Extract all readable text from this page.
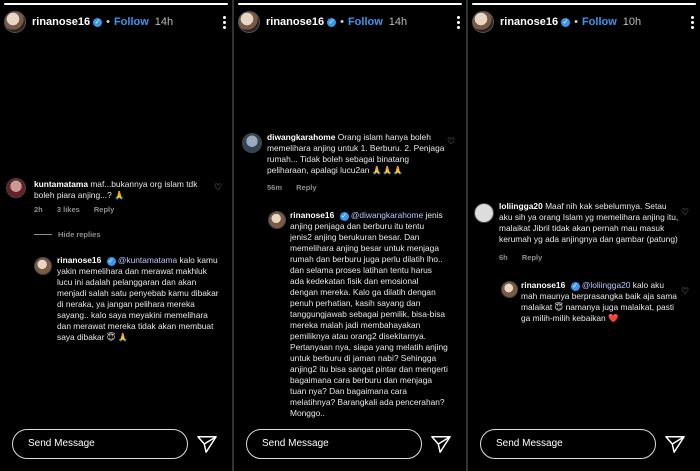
rinanose16 ✓ • Follow 14h
kuntamatama maf...bukannya org islam tdk boleh piara anjing...? 🙏
2h 3 likes Reply
♡
Hide replies
rinanose16 ✓ @kuntamatama kalo kamu yakin memelihara dan merawat makhluk lucu ini adalah pelanggaran dan akan menjadi salah satu penyebab kamu dibakar di neraka, ya jangan pelihara mereka sayang.. kalo saya meyakini memelihara dan merawat mereka tidak akan membuat saya dibakar 😇 🙏
Send Message
rinanose16 ✓ • Follow 14h
diwangkarahome Orang islam hanya boleh memelihara anjing untuk 1. Berburu. 2. Penjaga rumah... Tidak boleh sebagai binatang peliharaan, apalagi lucu2an 🙏🙏🙏
56m Reply
♡
rinanose16 ✓ @diwangkarahome jenis anjing penjaga dan berburu itu tentu jenis2 anjing berukuran besar. Dan memelihara anjing besar untuk menjaga rumah dan berburu juga perlu dilatih lho.. dan selama proses latihan tentu harus ada kedekatan fisik dan emosional dengan mereka. Kalo ga dilatih dengan penuh perhatian, kasih sayang dan tanggungjawab sebagai pemilik, bisa-bisa mereka malah jadi membahayakan pemiliknya atau orang2 disekitarnya. Pertanyaan nya, siapa yang melatih anjing untuk berburu di jaman nabi? Sehingga anjing2 itu bisa sangat pintar dan mengerti bagaimana cara berburu dan menjaga tuan nya? Dan bagaimana cara melatihnya? Barangkali ada pencerahan? Monggo..
Send Message
rinanose16 ✓ • Follow 10h
loliingga20 Maaf nih kak sebelumnya. Setau aku sih ya orang Islam yg memelihara anjing itu, malaikat Jibril tidak akan pernah mau masuk kerumah yg ada anjingnya dan gambar (patung)
6h Reply
♡
rinanose16 ✓ @loliingga20 kalo aku mah maunya berprasangka baik aja sama malaikat 😇 namanya juga malaikat, pasti ga milih-milih kebaikan ❤️
♡
Send Message
